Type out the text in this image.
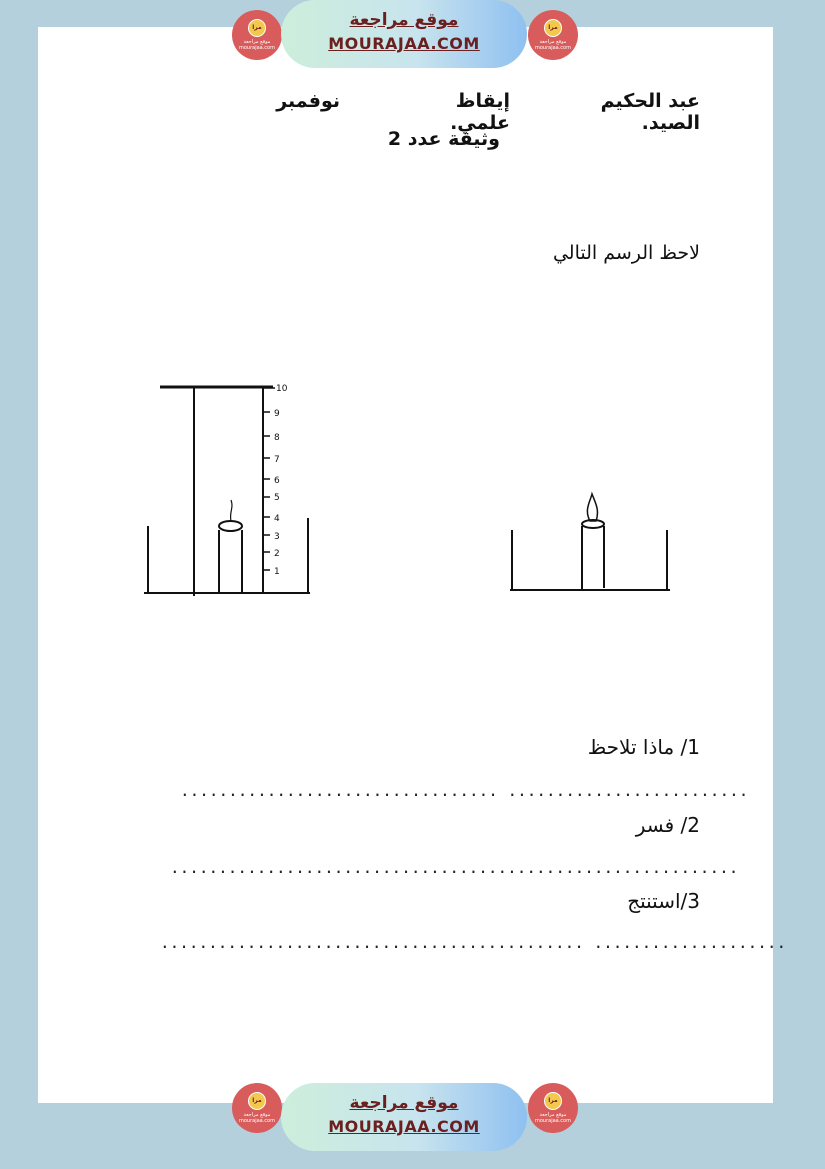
مرا
موقع مراجعة
mourajaa.com
موقع مراجعة
MOURAJAA.COM
مرا
موقع مراجعة
mourajaa.com
عبد الحكيم الصيد.
إيقاظ علمي.
نوفمبر
وثيقة عدد 2
لاحظ الرسم التالي
10
9
8
7
6
5
4
3
2
1
1/ ماذا تلاحظ
................................. .........................
2/ فسر
...........................................................
3/استنتج
............................................ ....................
مرا
موقع مراجعة
mourajaa.com
موقع مراجعة
MOURAJAA.COM
مرا
موقع مراجعة
mourajaa.com
